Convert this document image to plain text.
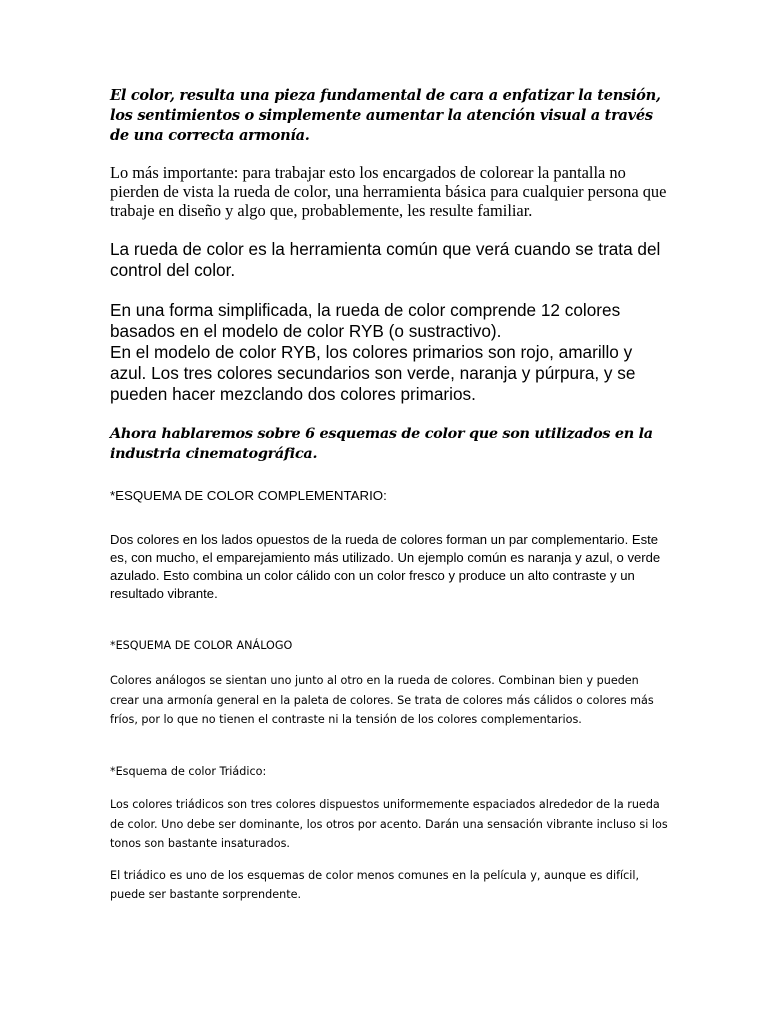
El color, resulta una pieza fundamental de cara a enfatizar la tensión, los sentimientos o simplemente aumentar la atención visual a través de una correcta armonía.

Lo más importante: para trabajar esto los encargados de colorear la pantalla no pierden de vista la rueda de color, una herramienta básica para cualquier persona que trabaje en diseño y algo que, probablemente, les resulte familiar.

La rueda de color es la herramienta común que verá cuando se trata del control del color.

En una forma simplificada, la rueda de color comprende 12 colores basados en el modelo de color RYB (o sustractivo).

En el modelo de color RYB, los colores primarios son rojo, amarillo y azul. Los tres colores secundarios son verde, naranja y púrpura, y se pueden hacer mezclando dos colores primarios.

Ahora hablaremos sobre 6 esquemas de color que son utilizados en la industria cinematográfica.

*ESQUEMA DE COLOR COMPLEMENTARIO:

Dos colores en los lados opuestos de la rueda de colores forman un par complementario. Este es, con mucho, el emparejamiento más utilizado. Un ejemplo común es naranja y azul, o verde azulado. Esto combina un color cálido con un color fresco y produce un alto contraste y un resultado vibrante.

*ESQUEMA DE COLOR ANÁLOGO

Colores análogos se sientan uno junto al otro en la rueda de colores. Combinan bien y pueden crear una armonía general en la paleta de colores. Se trata de colores más cálidos o colores más fríos, por lo que no tienen el contraste ni la tensión de los colores complementarios.

*Esquema de color Triádico:

Los colores triádicos son tres colores dispuestos uniformemente espaciados alrededor de la rueda de color. Uno debe ser dominante, los otros por acento. Darán una sensación vibrante incluso si los tonos son bastante insaturados.

El triádico es uno de los esquemas de color menos comunes en la película y, aunque es difícil, puede ser bastante sorprendente.
